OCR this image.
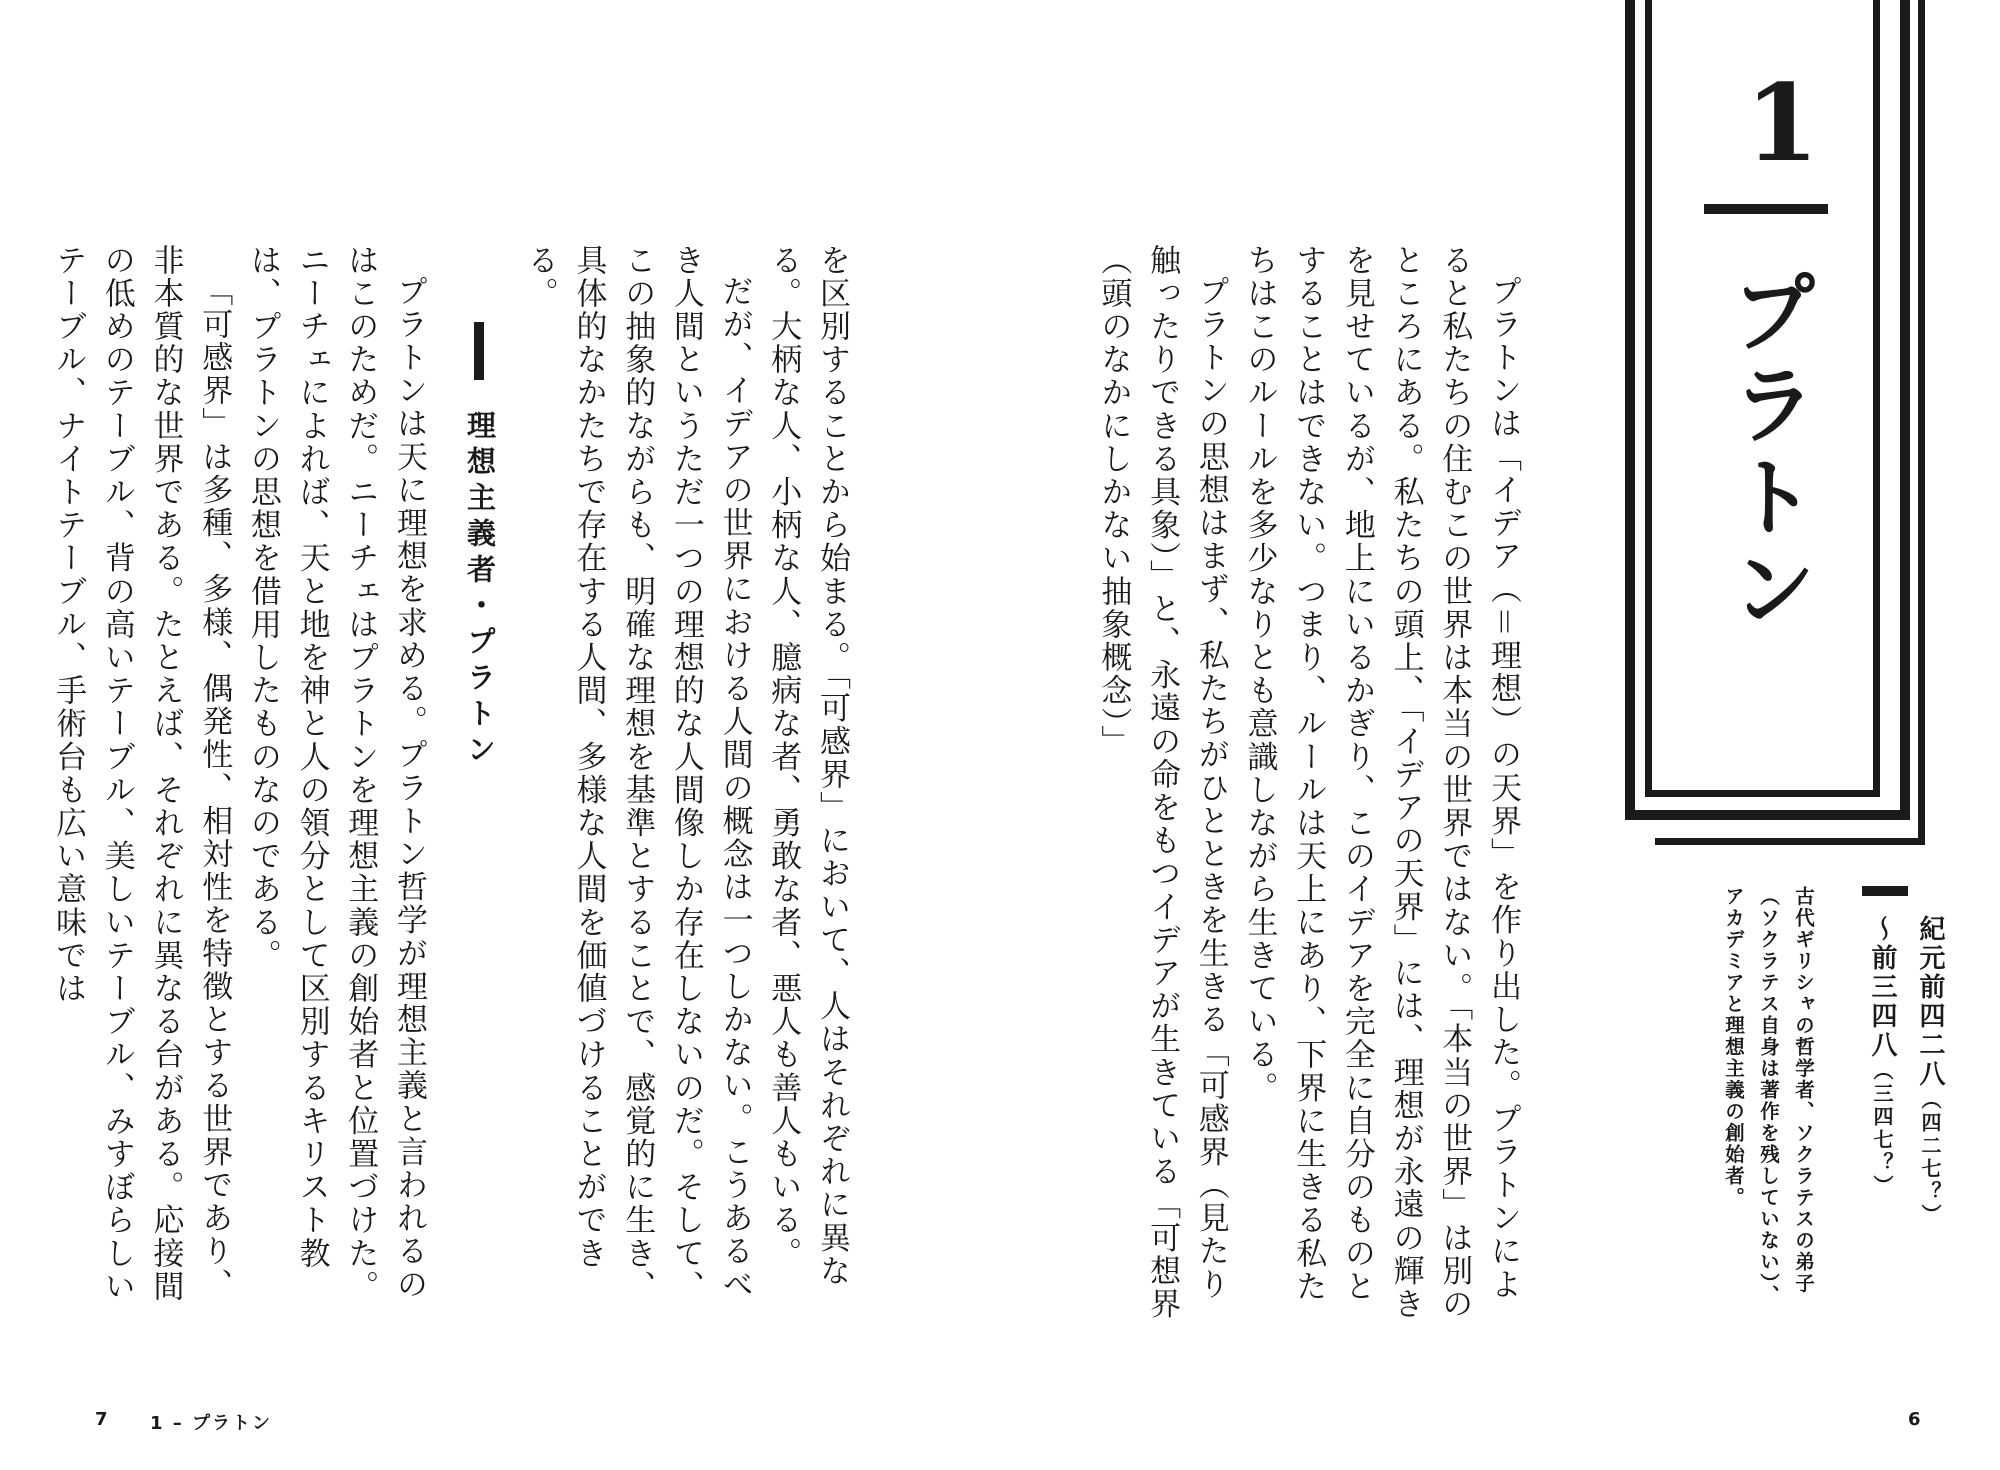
1
プラトン
紀元前四二八（四二七？）
～前三四八（三四七？）
古代ギリシャの哲学者、ソクラテスの弟子
（ソクラテス自身は著作を残していない）、
アカデミアと理想主義の創始者。

プラトンは「イデア（＝理想）の天界」を作り出した。プラトンによると私たちの住むこの世界は本当の世界ではない。「本当の世界」は別のところにある。私たちの頭上、「イデアの天界」には、理想が永遠の輝きを見せているが、地上にいるかぎり、このイデアを完全に自分のものとすることはできない。つまり、ルールは天上にあり、下界に生きる私たちはこのルールを多少なりとも意識しながら生きている。

プラトンの思想はまず、私たちがひとときを生きる「可感界（見たり触ったりできる具象）」と、永遠の命をもつイデアが生きている「可想界（頭のなかにしかない抽象概念）」

を区別することから始まる。「可感界」において、人はそれぞれに異なる。大柄な人、小柄な人、臆病な者、勇敢な者、悪人も善人もいる。

だが、イデアの世界における人間の概念は一つしかない。こうあるべき人間というただ一つの理想的な人間像しか存在しないのだ。そして、この抽象的ながらも、明確な理想を基準とすることで、感覚的に生き、具体的なかたちで存在する人間、多様な人間を価値づけることができる。

理想主義者・プラトン

プラトンは天に理想を求める。プラトン哲学が理想主義と言われるのはこのためだ。ニーチェはプラトンを理想主義の創始者と位置づけた。ニーチェによれば、天と地を神と人の領分として区別するキリスト教は、プラトンの思想を借用したものなのである。

「可感界」は多種、多様、偶発性、相対性を特徴とする世界であり、非本質的な世界である。たとえば、それぞれに異なる台がある。応接間の低めのテーブル、背の高いテーブル、美しいテーブル、みすぼらしいテーブル、ナイトテーブル、手術台も広い意味では

7 1 – プラトン	6
